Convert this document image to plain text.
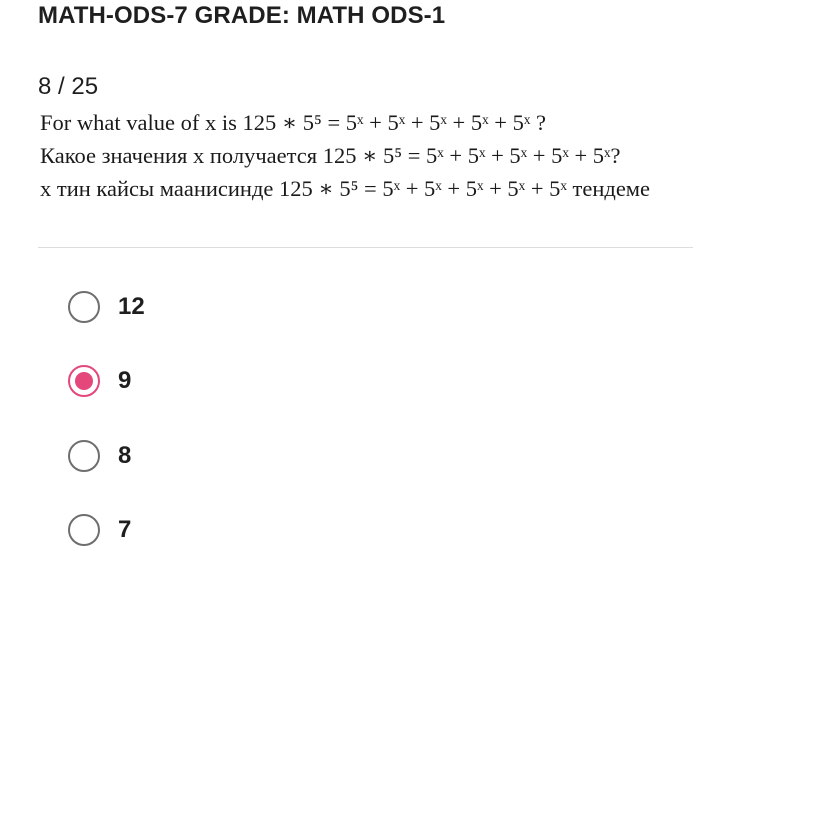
MATH-ODS-7 GRADE: MATH ODS-1
8 / 25
For what value of x is 125 ∗ 5⁵ = 5ˣ + 5ˣ + 5ˣ + 5ˣ + 5ˣ ?
Какое значения x получается 125 ∗ 5⁵ = 5ˣ + 5ˣ + 5ˣ + 5ˣ + 5ˣ?
x тин кайсы маанисинде 125 ∗ 5⁵ = 5ˣ + 5ˣ + 5ˣ + 5ˣ + 5ˣ тендеме
12
9
8
7
